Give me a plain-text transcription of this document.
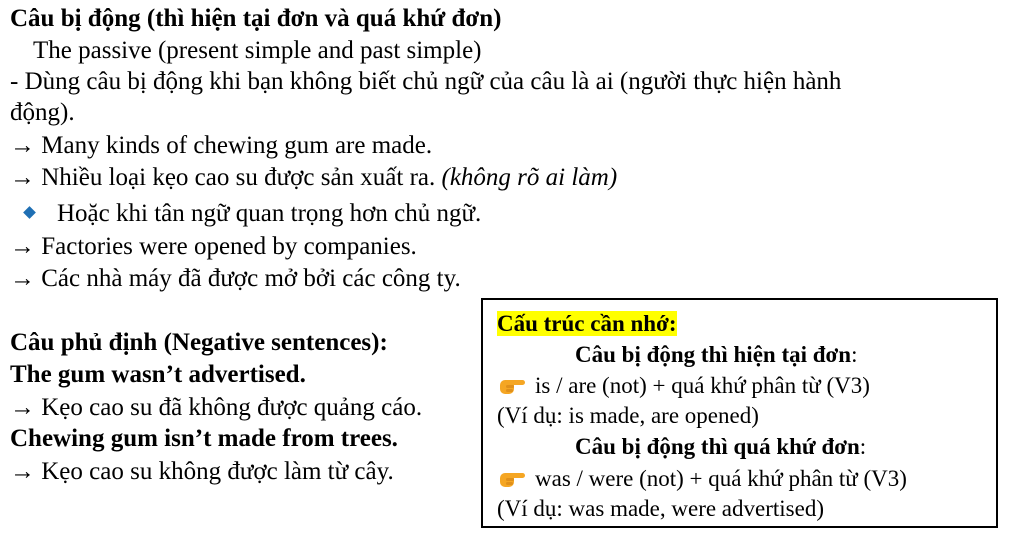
Câu bị động (thì hiện tại đơn và quá khứ đơn)
The passive (present simple and past simple)
- Dùng câu bị động khi bạn không biết chủ ngữ của câu là ai (người thực hiện hành
động).
→ Many kinds of chewing gum are made.
→ Nhiều loại kẹo cao su được sản xuất ra. (không rõ ai làm)
Hoặc khi tân ngữ quan trọng hơn chủ ngữ.
→ Factories were opened by companies.
→ Các nhà máy đã được mở bởi các công ty.
Câu phủ định (Negative sentences):
The gum wasn’t advertised.
→ Kẹo cao su đã không được quảng cáo.
Chewing gum isn’t made from trees.
→ Kẹo cao su không được làm từ cây.
Cấu trúc cần nhớ:
Câu bị động thì hiện tại đơn:
is / are (not) + quá khứ phân từ (V3)
(Ví dụ: is made, are opened)
Câu bị động thì quá khứ đơn:
was / were (not) + quá khứ phân từ (V3)
(Ví dụ: was made, were advertised)
